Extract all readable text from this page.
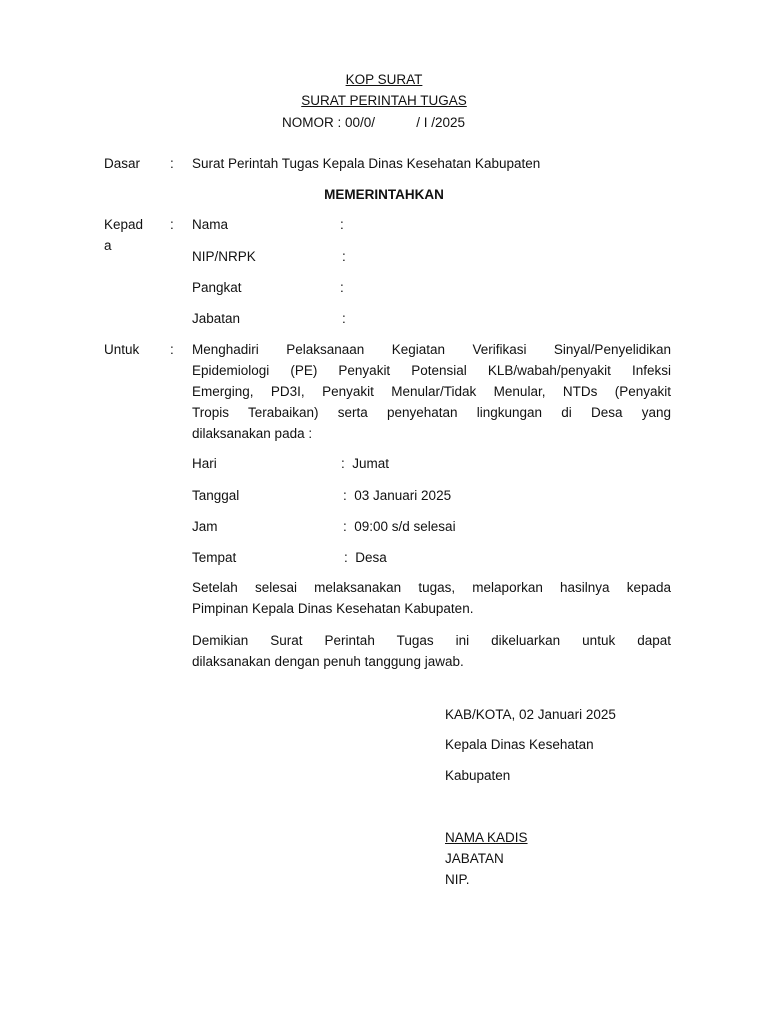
KOP SURAT
SURAT PERINTAH TUGAS
NOMOR : 00/0/           / I /2025
Dasar : Surat Perintah Tugas Kepala Dinas Kesehatan Kabupaten
MEMERINTAHKAN
Kepad
a
: Nama	:
NIP/NRPK	:
Pangkat	:
Jabatan	:
Untuk : Menghadiri Pelaksanaan Kegiatan Verifikasi Sinyal/Penyelidikan
Epidemiologi (PE) Penyakit Potensial KLB/wabah/penyakit Infeksi
Emerging, PD3I, Penyakit Menular/Tidak Menular, NTDs (Penyakit
Tropis Terabaikan) serta penyehatan lingkungan di Desa yang
dilaksanakan pada :
Hari	:  Jumat
Tanggal	:  03 Januari 2025
Jam	:  09:00 s/d selesai
Tempat	:  Desa
Setelah selesai melaksanakan tugas, melaporkan hasilnya kepada
Pimpinan Kepala Dinas Kesehatan Kabupaten.
Demikian Surat Perintah Tugas ini dikeluarkan untuk dapat
dilaksanakan dengan penuh tanggung jawab.
KAB/KOTA, 02 Januari 2025
Kepala Dinas Kesehatan
Kabupaten
NAMA KADIS
JABATAN
NIP.
